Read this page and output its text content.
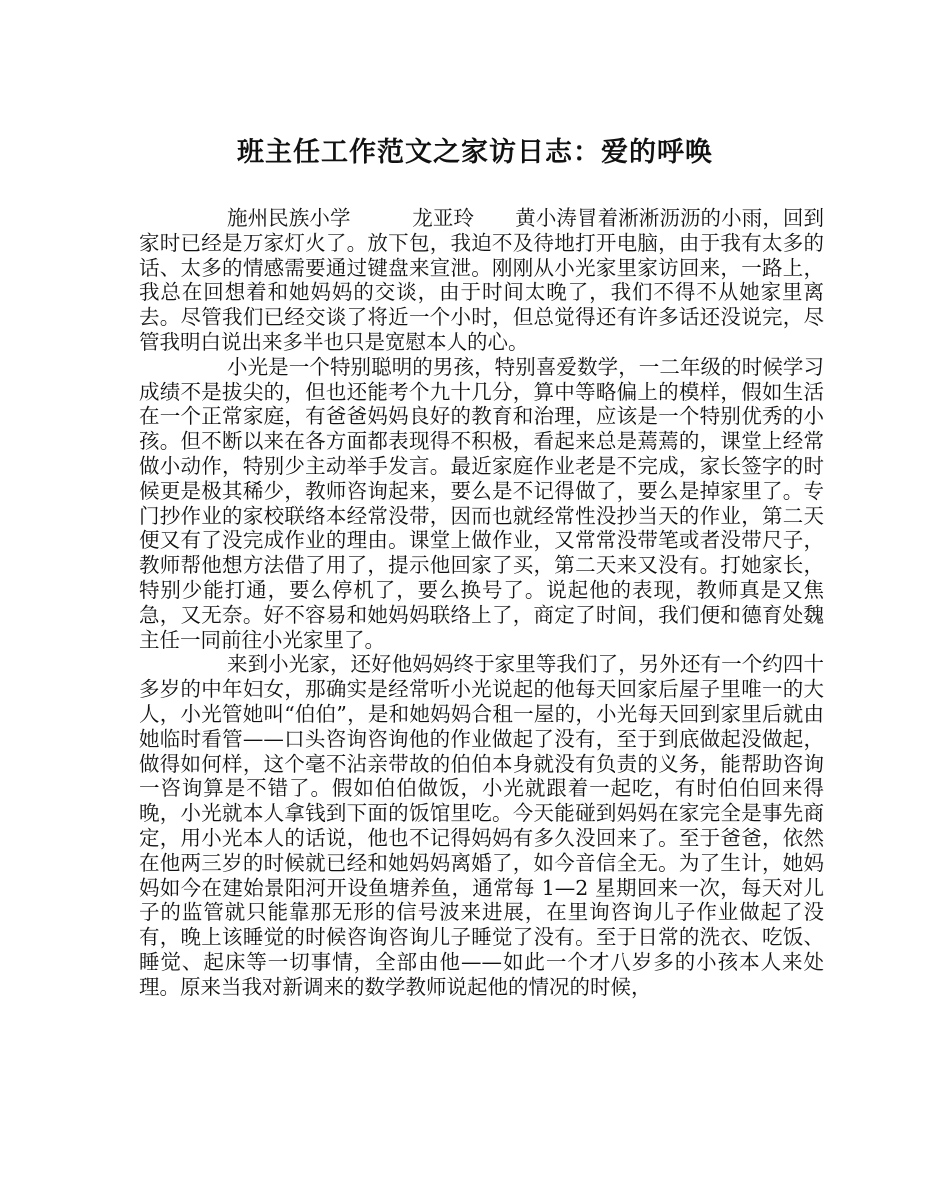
班主任工作范文之家访日志：爱的呼唤

施州民族小学　　　龙亚玲　　黄小涛冒着淅淅沥沥的小雨，回到家时已经是万家灯火了。放下包，我迫不及待地打开电脑，由于我有太多的话、太多的情感需要通过键盘来宣泄。刚刚从小光家里家访回来，一路上，我总在回想着和她妈妈的交谈，由于时间太晚了，我们不得不从她家里离去。尽管我们已经交谈了将近一个小时，但总觉得还有许多话还没说完，尽管我明白说出来多半也只是宽慰本人的心。

小光是一个特别聪明的男孩，特别喜爱数学，一二年级的时候学习成绩不是拔尖的，但也还能考个九十几分，算中等略偏上的模样，假如生活在一个正常家庭，有爸爸妈妈良好的教育和治理，应该是一个特别优秀的小孩。但不断以来在各方面都表现得不积极，看起来总是蔫蔫的，课堂上经常做小动作，特别少主动举手发言。最近家庭作业老是不完成，家长签字的时候更是极其稀少，教师咨询起来，要么是不记得做了，要么是掉家里了。专门抄作业的家校联络本经常没带，因而也就经常性没抄当天的作业，第二天便又有了没完成作业的理由。课堂上做作业，又常常没带笔或者没带尺子，教师帮他想方法借了用了，提示他回家了买，第二天来又没有。打她家长，特别少能打通，要么停机了，要么换号了。说起他的表现，教师真是又焦急，又无奈。好不容易和她妈妈联络上了，商定了时间，我们便和德育处魏主任一同前往小光家里了。

来到小光家，还好他妈妈终于家里等我们了，另外还有一个约四十多岁的中年妇女，那确实是经常听小光说起的他每天回家后屋子里唯一的大人，小光管她叫“伯伯”，是和她妈妈合租一屋的，小光每天回到家里后就由她临时看管——口头咨询咨询他的作业做起了没有，至于到底做起没做起，做得如何样，这个毫不沾亲带故的伯伯本身就没有负责的义务，能帮助咨询一咨询算是不错了。假如伯伯做饭，小光就跟着一起吃，有时伯伯回来得晚，小光就本人拿钱到下面的饭馆里吃。今天能碰到妈妈在家完全是事先商定，用小光本人的话说，他也不记得妈妈有多久没回来了。至于爸爸，依然在他两三岁的时候就已经和她妈妈离婚了，如今音信全无。为了生计，她妈妈如今在建始景阳河开设鱼塘养鱼，通常每 1—2 星期回来一次，每天对儿子的监管就只能靠那无形的信号波来进展，在里询咨询儿子作业做起了没有，晚上该睡觉的时候咨询咨询儿子睡觉了没有。至于日常的洗衣、吃饭、睡觉、起床等一切事情，全部由他——如此一个才八岁多的小孩本人来处理。原来当我对新调来的数学教师说起他的情况的时候，
